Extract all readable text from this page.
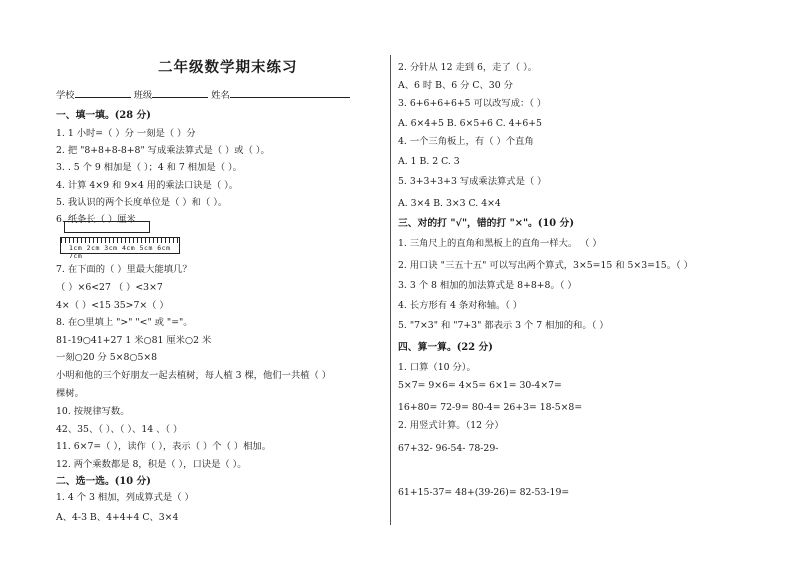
二年级数学期末练习
学校	班级	姓名
一、填一填。(28 分)
1. 1 小时=（ ）分 一刻是（ ）分
2. 把 "8+8+8-8+8" 写成乘法算式是（ ）或（ ）。
3. . 5 个 9 相加是（ ）；4 和 7 相加是（ ）。
4. 计算 4×9 和 9×4 用的乘法口诀是（ ）。
5. 我认识的两个长度单位是（ ）和（ ）。
6. 纸条长（ ）厘米
7. 在下面的（ ）里最大能填几？
（ ）×6<27 （ ）<3×7
4×（ ）<15 35>7×（ ）
8. 在○里填上 ">" "<" 或 "="。
81-19○41+27 1 米○81 厘米○2 米
一刻○20 分 5×8○5×8
小明和他的三个好朋友一起去植树，每人植 3 棵，他们一共植（ ）
棵树。
10. 按规律写数。
42、35、（ ）、（ ）、14 、（ ）
11. 6×7=（ ），读作（ ），表示（ ）个（ ）相加。
12. 两个乘数都是 8，积是（ ），口诀是（ ）。
二、选一选。(10 分)
1. 4 个 3 相加，列成算式是（ ）
A、4-3 B、4+4+4 C、3×4
1cm 2cm 3cm 4cm 5cm 6cm 7cm
2. 分针从 12 走到 6，走了（ ）。
A、6 时 B、6 分 C、30 分
3. 6+6+6+6+5 可以改写成：（ ）
A. 6×4+5 B. 6×5+6 C. 4+6+5
4. 一个三角板上，有（ ）个直角
A. 1 B. 2 C. 3
5. 3+3+3+3 写成乘法算式是（ ）
A. 3×4 B. 3×3 C. 4×4
三、对的打 "√"，错的打 "×"。(10 分)
1. 三角尺上的直角和黑板上的直角一样大。 （ ）
2. 用口诀 "三五十五" 可以写出两个算式，3×5=15 和 5×3=15。（ ）
3. 3 个 8 相加的加法算式是 8+8+8。（ ）
4. 长方形有 4 条对称轴。（ ）
5. "7×3" 和 "7+3" 都表示 3 个 7 相加的和。（ ）
四、算一算。(22 分)
1. 口算（10 分）。
5×7= 9×6= 4×5= 6×1= 30-4×7=
16+80= 72-9= 80-4= 26+3= 18-5×8=
2. 用竖式计算。（12 分）
67+32- 96-54- 78-29-
61+15-37= 48+(39-26)= 82-53-19=
